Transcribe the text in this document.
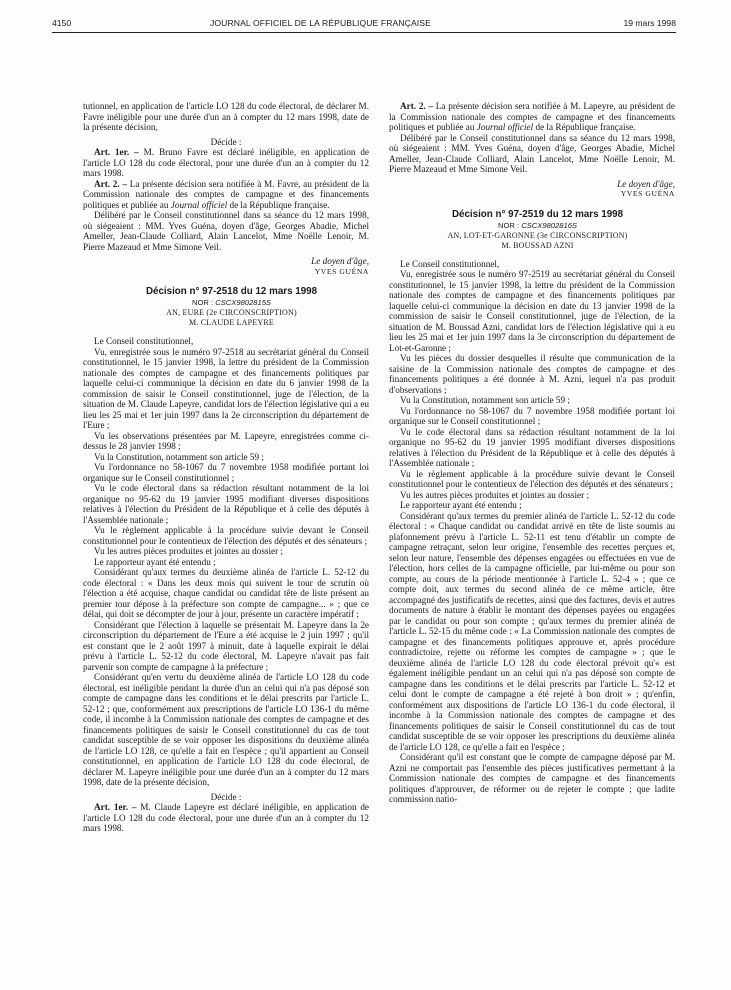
4150	JOURNAL OFFICIEL DE LA RÉPUBLIQUE FRANÇAISE	19 mars 1998

tutionnel, en application de l'article LO 128 du code électoral, de déclarer M. Favre inéligible pour une durée d'un an à compter du 12 mars 1998, date de la présente décision,

Décide :

Art. 1er. – M. Bruno Favre est déclaré inéligible, en application de l'article LO 128 du code électoral, pour une durée d'un an à compter du 12 mars 1998.

Art. 2. – La présente décision sera notifiée à M. Favre, au président de la Commission nationale des comptes de campagne et des financements politiques et publiée au Journal officiel de la République française.

Délibéré par le Conseil constitutionnel dans sa séance du 12 mars 1998, où siégeaient : MM. Yves Guéna, doyen d'âge, Georges Abadie, Michel Ameller, Jean-Claude Colliard, Alain Lancelot, Mme Noëlle Lenoir, M. Pierre Mazeaud et Mme Simone Veil.

Le doyen d'âge,

YVES GUÉNA

Décision n° 97-2518 du 12 mars 1998

NOR : CSCX9802815S

AN, EURE (2e CIRCONSCRIPTION)

M. CLAUDE LAPEYRE

Le Conseil constitutionnel,

Vu, enregistrée sous le numéro 97-2518 au secrétariat général du Conseil constitutionnel, le 15 janvier 1998, la lettre du président de la Commission nationale des comptes de campagne et des financements politiques par laquelle celui-ci communique la décision en date du 6 janvier 1998 de la commission de saisir le Conseil constitutionnel, juge de l'élection, de la situation de M. Claude Lapeyre, candidat lors de l'élection législative qui a eu lieu les 25 mai et 1er juin 1997 dans la 2e circonscription du département de l'Eure ;

Vu les observations présentées par M. Lapeyre, enregistrées comme ci-dessus le 28 janvier 1998 ;

Vu la Constitution, notamment son article 59 ;

Vu l'ordonnance no 58-1067 du 7 novembre 1958 modifiée portant loi organique sur le Conseil constitutionnel ;

Vu le code électoral dans sa rédaction résultant notamment de la loi organique no 95-62 du 19 janvier 1995 modifiant diverses dispositions relatives à l'élection du Président de la République et à celle des députés à l'Assemblée nationale ;

Vu le règlement applicable à la procédure suivie devant le Conseil constitutionnel pour le contentieux de l'élection des députés et des sénateurs ;

Vu les autres pièces produites et jointes au dossier ;

Le rapporteur ayant été entendu ;

Considérant qu'aux termes du deuxième alinéa de l'article L. 52-12 du code électoral : « Dans les deux mois qui suivent le tour de scrutin où l'élection a été acquise, chaque candidat ou candidat tête de liste présent au premier tour dépose à la préfecture son compte de campagne... » ; que ce délai, qui doit se décompter de jour à jour, présente un caractère impératif ;

Considérant que l'élection à laquelle se présentait M. Lapeyre dans la 2e circonscription du département de l'Eure a été acquise le 2 juin 1997 ; qu'il est constant que le 2 août 1997 à minuit, date à laquelle expirait le délai prévu à l'article L. 52-12 du code électoral, M. Lapeyre n'avait pas fait parvenir son compte de campagne à la préfecture ;

Considérant qu'en vertu du deuxième alinéa de l'article LO 128 du code électoral, est inéligible pendant la durée d'un an celui qui n'a pas déposé son compte de campagne dans les conditions et le délai prescrits par l'article L. 52-12 ; que, conformément aux prescriptions de l'article LO 136-1 du même code, il incombe à la Commission nationale des comptes de campagne et des financements politiques de saisir le Conseil constitutionnel du cas de tout candidat susceptible de se voir opposer les dispositions du deuxième alinéa de l'article LO 128, ce qu'elle a fait en l'espèce ; qu'il appartient au Conseil constitutionnel, en application de l'article LO 128 du code électoral, de déclarer M. Lapeyre inéligible pour une durée d'un an à compter du 12 mars 1998, date de la présente décision,

Décide :

Art. 1er. – M. Claude Lapeyre est déclaré inéligible, en application de l'article LO 128 du code électoral, pour une durée d'un an à compter du 12 mars 1998.

Art. 2. – La présente décision sera notifiée à M. Lapeyre, au président de la Commission nationale des comptes de campagne et des financements politiques et publiée au Journal officiel de la République française.

Délibéré par le Conseil constitutionnel dans sa séance du 12 mars 1998, où siégeaient : MM. Yves Guéna, doyen d'âge, Georges Abadie, Michel Ameller, Jean-Claude Colliard, Alain Lancelot, Mme Noëlle Lenoir, M. Pierre Mazeaud et Mme Simone Veil.

Le doyen d'âge,

YVES GUÉNA

Décision n° 97-2519 du 12 mars 1998

NOR : CSCX9802816S

AN, LOT-ET-GARONNE (3e CIRCONSCRIPTION)

M. BOUSSAD AZNI

Le Conseil constitutionnel,

Vu, enregistrée sous le numéro 97-2519 au secrétariat général du Conseil constitutionnel, le 15 janvier 1998, la lettre du président de la Commission nationale des comptes de campagne et des financements politiques par laquelle celui-ci communique la décision en date du 13 janvier 1998 de la commission de saisir le Conseil constitutionnel, juge de l'élection, de la situation de M. Boussad Azni, candidat lors de l'élection législative qui a eu lieu les 25 mai et 1er juin 1997 dans la 3e circonscription du département de Lot-et-Garonne ;

Vu les pièces du dossier desquelles il résulte que communication de la saisine de la Commission nationale des comptes de campagne et des financements politiques a été donnée à M. Azni, lequel n'a pas produit d'observations ;

Vu la Constitution, notamment son article 59 ;

Vu l'ordonnance no 58-1067 du 7 novembre 1958 modifiée portant loi organique sur le Conseil constitutionnel ;

Vu le code électoral dans sa rédaction résultant notamment de la loi organique no 95-62 du 19 janvier 1995 modifiant diverses dispositions relatives à l'élection du Président de la République et à celle des députés à l'Assemblée nationale ;

Vu le règlement applicable à la procédure suivie devant le Conseil constitutionnel pour le contentieux de l'élection des députés et des sénateurs ;

Vu les autres pièces produites et jointes au dossier ;

Le rapporteur ayant été entendu ;

Considérant qu'aux termes du premier alinéa de l'article L. 52-12 du code électoral : « Chaque candidat ou candidat arrivé en tête de liste soumis au plafonnement prévu à l'article L. 52-11 est tenu d'établir un compte de campagne retraçant, selon leur origine, l'ensemble des recettes perçues et, selon leur nature, l'ensemble des dépenses engagées ou effectuées en vue de l'élection, hors celles de la campagne officielle, par lui-même ou pour son compte, au cours de la période mentionnée à l'article L. 52-4 » ; que ce compte doit, aux termes du second alinéa de ce même article, être accompagné des justificatifs de recettes, ainsi que des factures, devis et autres documents de nature à établir le montant des dépenses payées ou engagées par le candidat ou pour son compte ; qu'aux termes du premier alinéa de l'article L. 52-15 du même code : « La Commission nationale des comptes de campagne et des financements politiques approuve et, après procédure contradictoire, rejette ou réforme les comptes de campagne » ; que le deuxième alinéa de l'article LO 128 du code électoral prévoit qu'« est également inéligible pendant un an celui qui n'a pas déposé son compte de campagne dans les conditions et le délai prescrits par l'article L. 52-12 et celui dont le compte de campagne a été rejeté à bon droit » ; qu'enfin, conformément aux dispositions de l'article LO 136-1 du code électoral, il incombe à la Commission nationale des comptes de campagne et des financements politiques de saisir le Conseil constitutionnel du cas de tout candidat susceptible de se voir opposer les prescriptions du deuxième alinéa de l'article LO 128, ce qu'elle a fait en l'espèce ;

Considérant qu'il est constant que le compte de campagne déposé par M. Azni ne comportait pas l'ensemble des pièces justificatives permettant à la Commission nationale des comptes de campagne et des financements politiques d'approuver, de réformer ou de rejeter le compte ; que ladite commission natio-
